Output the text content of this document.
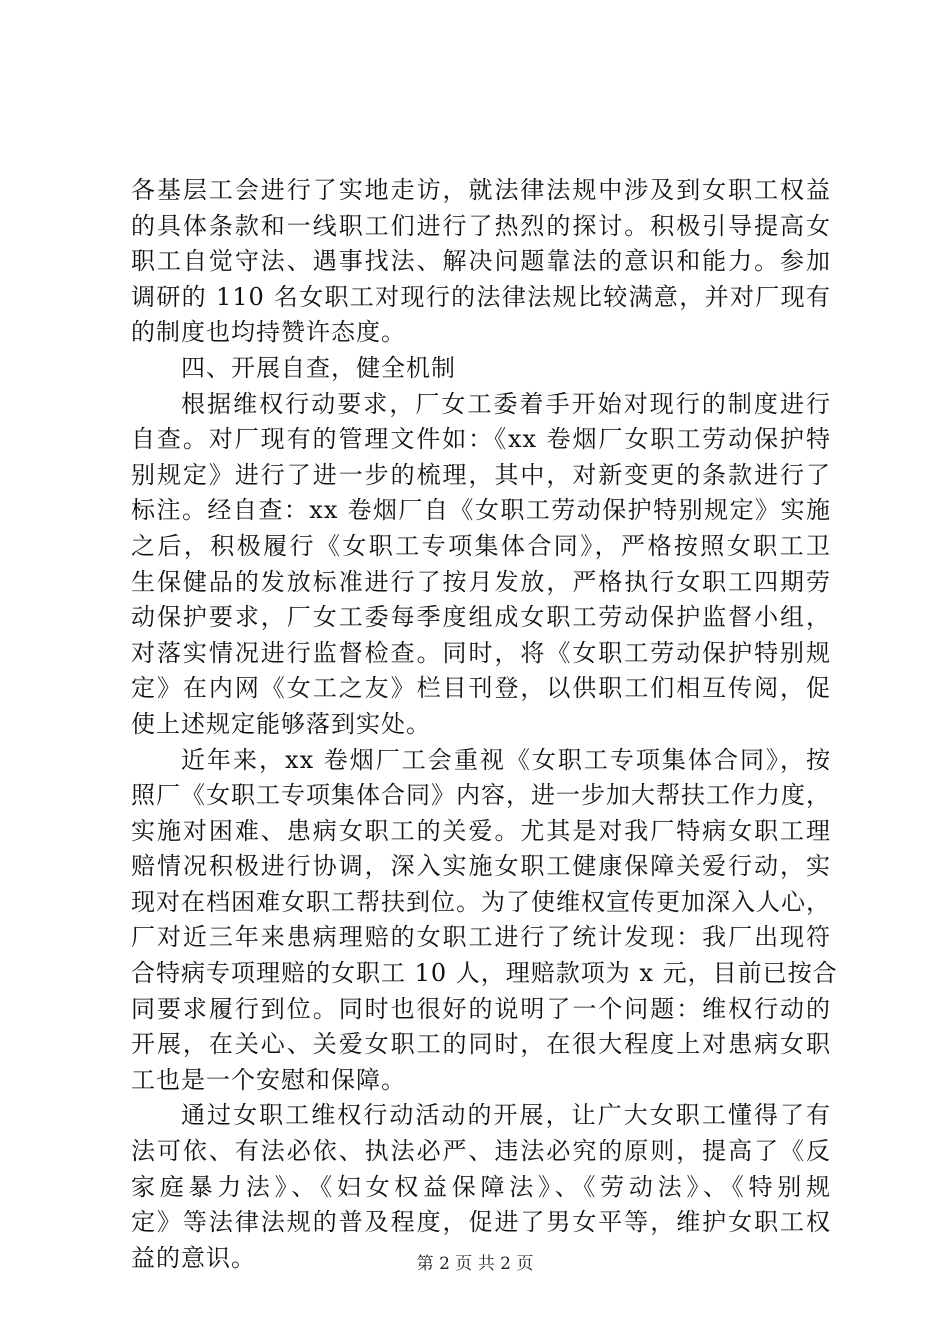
各基层工会进行了实地走访，就法律法规中涉及到女职工权益
的具体条款和一线职工们进行了热烈的探讨。积极引导提高女
职工自觉守法、遇事找法、解决问题靠法的意识和能力。参加
调研的 110 名女职工对现行的法律法规比较满意，并对厂现有
的制度也均持赞许态度。
四、开展自查，健全机制
根据维权行动要求，厂女工委着手开始对现行的制度进行
自查。对厂现有的管理文件如：《xx 卷烟厂女职工劳动保护特
别规定》进行了进一步的梳理，其中，对新变更的条款进行了
标注。经自查：xx 卷烟厂自《女职工劳动保护特别规定》实施
之后，积极履行《女职工专项集体合同》，严格按照女职工卫
生保健品的发放标准进行了按月发放，严格执行女职工四期劳
动保护要求，厂女工委每季度组成女职工劳动保护监督小组，
对落实情况进行监督检查。同时，将《女职工劳动保护特别规
定》在内网《女工之友》栏目刊登，以供职工们相互传阅，促
使上述规定能够落到实处。
近年来，xx 卷烟厂工会重视《女职工专项集体合同》，按
照厂《女职工专项集体合同》内容，进一步加大帮扶工作力度，
实施对困难、患病女职工的关爱。尤其是对我厂特病女职工理
赔情况积极进行协调，深入实施女职工健康保障关爱行动，实
现对在档困难女职工帮扶到位。为了使维权宣传更加深入人心，
厂对近三年来患病理赔的女职工进行了统计发现：我厂出现符
合特病专项理赔的女职工 10 人，理赔款项为 x 元，目前已按合
同要求履行到位。同时也很好的说明了一个问题：维权行动的
开展，在关心、关爱女职工的同时，在很大程度上对患病女职
工也是一个安慰和保障。
通过女职工维权行动活动的开展，让广大女职工懂得了有
法可依、有法必依、执法必严、违法必究的原则，提高了《反
家庭暴力法》、《妇女权益保障法》、《劳动法》、《特别规
定》等法律法规的普及程度，促进了男女平等，维护女职工权
益的意识。	第 2 页 共 2 页
